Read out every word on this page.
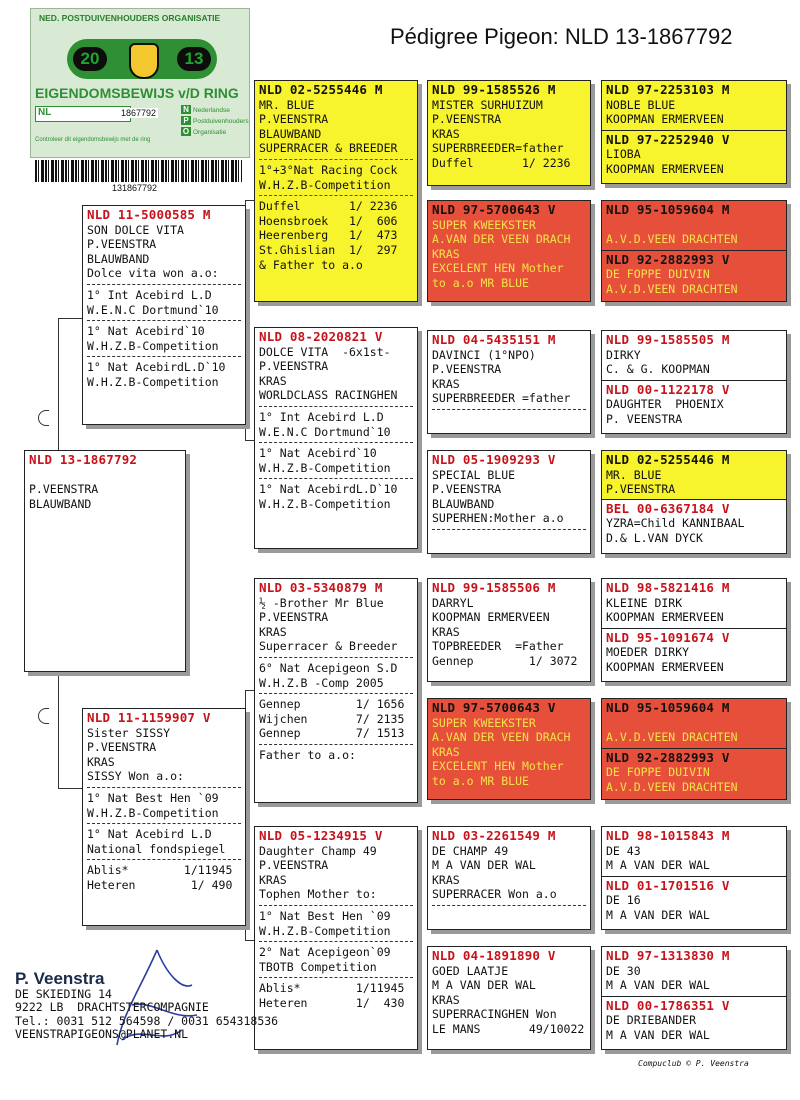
NED. POSTDUIVENHOUDERS ORGANISATIE
20	13
EIGENDOMSBEWIJS v/D RING
NL	1867792	N Nederlandse
P Postduivenhouders
O Organisatie
Controleer dit eigendomsbewijs met de ring
131867792
Pédigree Pigeon: NLD 13-1867792
NLD 13-1867792

P.VEENSTRA
BLAUWBAND
NLD 11-5000585 M
SON DOLCE VITA
P.VEENSTRA
BLAUWBAND
Dolce vita won a.o:
1° Int Acebird L.D
W.E.N.C Dortmund`10
1° Nat Acebird`10
W.H.Z.B-Competition
1° Nat AcebirdL.D`10
W.H.Z.B-Competition
NLD 11-1159907 V
Sister SISSY
P.VEENSTRA
KRAS
SISSY Won a.o:
1° Nat Best Hen `09
W.H.Z.B-Competition
1° Nat Acebird L.D
National fondspiegel
Ablis*        1/11945
Heteren        1/ 490
NLD 02-5255446 M
MR. BLUE
P.VEENSTRA
BLAUWBAND
SUPERRACER & BREEDER
1°+3°Nat Racing Cock
W.H.Z.B-Competition
Duffel       1/ 2236
Hoensbroek   1/  606
Heerenberg   1/  473
St.Ghislian  1/  297
& Father to a.o
NLD 08-2020821 V
DOLCE VITA  -6x1st-
P.VEENSTRA
KRAS
WORLDCLASS RACINGHEN
1° Int Acebird L.D
W.E.N.C Dortmund`10
1° Nat Acebird`10
W.H.Z.B-Competition
1° Nat AcebirdL.D`10
W.H.Z.B-Competition
NLD 03-5340879 M
½ -Brother Mr Blue
P.VEENSTRA
KRAS
Superracer & Breeder
6° Nat Acepigeon S.D
W.H.Z.B -Comp 2005
Gennep        1/ 1656
Wijchen       7/ 2135
Gennep        7/ 1513
Father to a.o:
NLD 05-1234915 V
Daughter Champ 49
P.VEENSTRA
KRAS
Tophen Mother to:
1° Nat Best Hen `09
W.H.Z.B-Competition
2° Nat Acepigeon`09
TBOTB Competition
Ablis*        1/11945
Heteren       1/  430
NLD 99-1585526 M
MISTER SURHUIZUM
P.VEENSTRA
KRAS
SUPERBREEDER=father
Duffel       1/ 2236
NLD 97-5700643 V
SUPER KWEEKSTER
A.VAN DER VEEN DRACH
KRAS
EXCELENT HEN Mother
to a.o MR BLUE
NLD 04-5435151 M
DAVINCI (1°NPO)
P.VEENSTRA
KRAS
SUPERBREEDER =father
NLD 05-1909293 V
SPECIAL BLUE
P.VEENSTRA
BLAUWBAND
SUPERHEN:Mother a.o
NLD 99-1585506 M
DARRYL
KOOPMAN ERMERVEEN
KRAS
TOPBREEDER  =Father
Gennep        1/ 3072
NLD 97-5700643 V
SUPER KWEEKSTER
A.VAN DER VEEN DRACH
KRAS
EXCELENT HEN Mother
to a.o MR BLUE
NLD 03-2261549 M
DE CHAMP 49
M A VAN DER WAL
KRAS
SUPERRACER Won a.o
NLD 04-1891890 V
GOED LAATJE
M A VAN DER WAL
KRAS
SUPERRACINGHEN Won
LE MANS       49/10022
NLD 97-2253103 M
NOBLE BLUE
KOOPMAN ERMERVEEN
NLD 97-2252940 V
LIOBA
KOOPMAN ERMERVEEN
NLD 95-1059604 M

A.V.D.VEEN DRACHTEN
NLD 92-2882993 V
DE FOPPE DUIVIN
A.V.D.VEEN DRACHTEN
NLD 99-1585505 M
DIRKY
C. & G. KOOPMAN
NLD 00-1122178 V
DAUGHTER  PHOENIX
P. VEENSTRA
NLD 02-5255446 M
MR. BLUE
P.VEENSTRA
BEL 00-6367184 V
YZRA=Child KANNIBAAL
D.& L.VAN DYCK
NLD 98-5821416 M
KLEINE DIRK
KOOPMAN ERMERVEEN
NLD 95-1091674 V
MOEDER DIRKY
KOOPMAN ERMERVEEN
NLD 95-1059604 M

A.V.D.VEEN DRACHTEN
NLD 92-2882993 V
DE FOPPE DUIVIN
A.V.D.VEEN DRACHTEN
NLD 98-1015843 M
DE 43
M A VAN DER WAL
NLD 01-1701516 V
DE 16
M A VAN DER WAL
NLD 97-1313830 M
DE 30
M A VAN DER WAL
NLD 00-1786351 V
DE DRIEBANDER
M A VAN DER WAL
P. Veenstra
DE SKIEDING 14
9222 LB  DRACHTSTERCOMPAGNIE
Tel.: 0031 512 564598 / 0031 654318536
VEENSTRAPIGEONS@PLANET.NL
Compuclub © P. Veenstra
